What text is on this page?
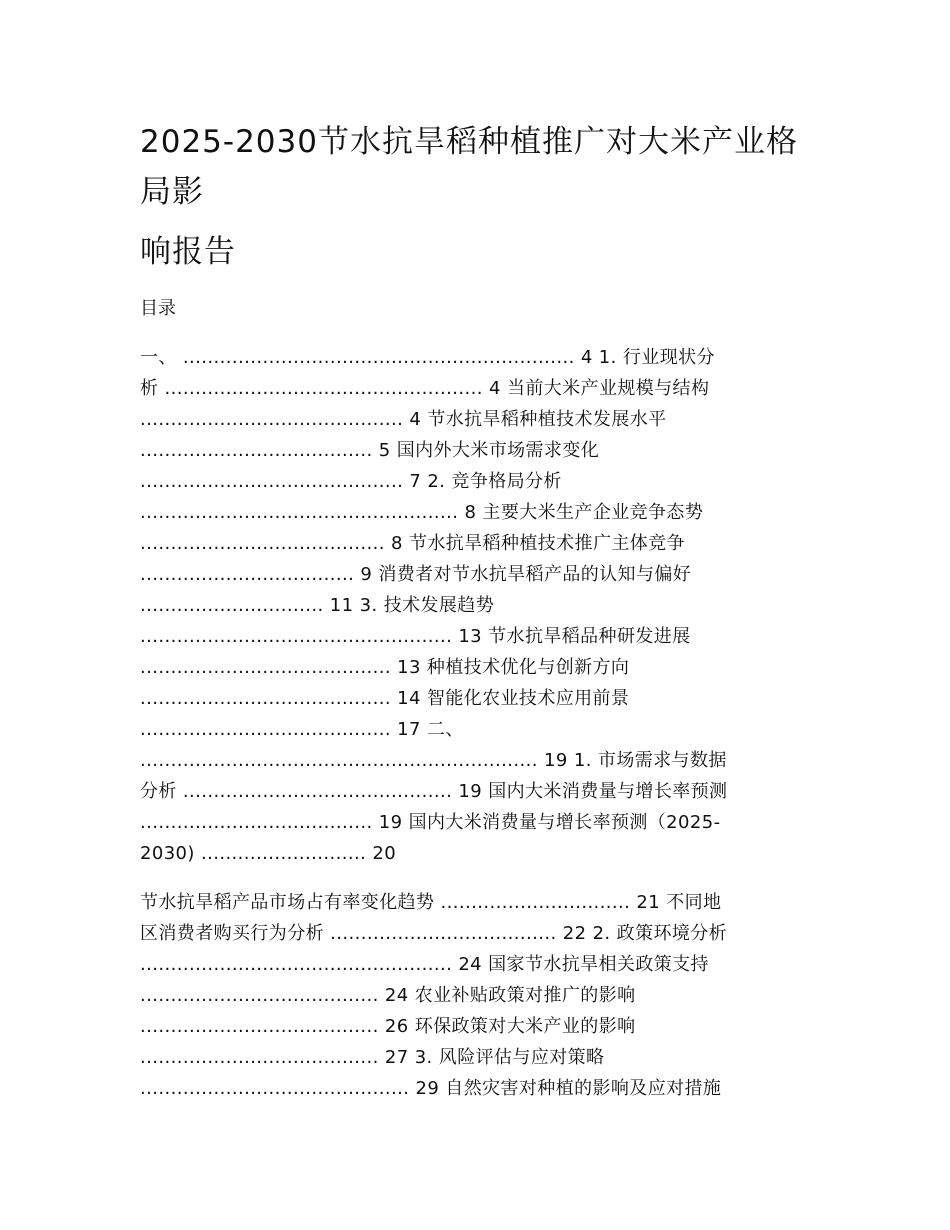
2025-2030节水抗旱稻种植推广对大米产业格
局影
响报告
目录
一、 ................................................................ 4 1. 行业现状分
析 .................................................... 4 当前大米产业规模与结构
........................................... 4 节水抗旱稻种植技术发展水平
...................................... 5 国内外大米市场需求变化
........................................... 7 2. 竞争格局分析
.................................................... 8 主要大米生产企业竞争态势
........................................ 8 节水抗旱稻种植技术推广主体竞争
................................... 9 消费者对节水抗旱稻产品的认知与偏好
.............................. 11 3. 技术发展趋势
................................................... 13 节水抗旱稻品种研发进展
......................................... 13 种植技术优化与创新方向
......................................... 14 智能化农业技术应用前景
......................................... 17 二、
................................................................. 19 1. 市场需求与数据
分析 ............................................ 19 国内大米消费量与增长率预测
...................................... 19 国内大米消费量与增长率预测（2025-
2030) ........................... 20
节水抗旱稻产品市场占有率变化趋势 ............................... 21 不同地
区消费者购买行为分析 ..................................... 22 2. 政策环境分析
................................................... 24 国家节水抗旱相关政策支持
....................................... 24 农业补贴政策对推广的影响
....................................... 26 环保政策对大米产业的影响
....................................... 27 3. 风险评估与应对策略
............................................ 29 自然灾害对种植的影响及应对措施
